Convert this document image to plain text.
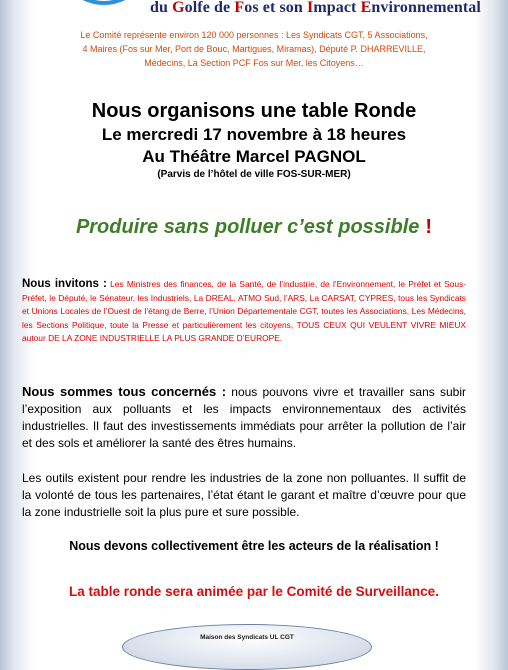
du Golfe de Fos et son Impact Environnemental
Le Comité représente environ 120 000 personnes : Les Syndicats CGT, 5 Associations,
4 Maires (Fos sur Mer, Port de Bouc, Martigues, Miramas), Député P. DHARREVILLE,
Médecins, La Section PCF Fos sur Mer, les Citoyens…
Nous organisons une table Ronde
Le mercredi 17 novembre à 18 heures
Au Théâtre Marcel PAGNOL
(Parvis de l’hôtel de ville FOS-SUR-MER)
Produire sans polluer c’est possible !
Nous invitons : Les Ministres des finances, de la Santé, de l’industrie, de l’Environnement, le Préfet et Sous-Préfet, le Député, le Sénateur, les Industriels, La DREAL, ATMO Sud, l’ARS, La CARSAT, CYPRES, tous les Syndicats et Unions Locales de l’Ouest de l’étang de Berre, l’Union Départementale CGT, toutes les Associations, Les Médecins, les Sections Politique, toute la Presse et particulièrement les citoyens, TOUS CEUX QUI VEULENT VIVRE MIEUX autour DE LA ZONE INDUSTRIELLE LA PLUS GRANDE D’EUROPE.
Nous sommes tous concernés : nous pouvons vivre et travailler sans subir l’exposition aux polluants et les impacts environnementaux des activités industrielles. Il faut des investissements immédiats pour arrêter la pollution de l’air et des sols et améliorer la santé des êtres humains.
Les outils existent pour rendre les industries de la zone non polluantes. Il suffit de la volonté de tous les partenaires, l’état étant le garant et maître d’œuvre pour que la zone industrielle soit la plus pure et sure possible.
Nous devons collectivement être les acteurs de la réalisation !
La table ronde sera animée par le Comité de Surveillance.
Maison des Syndicats UL CGT
